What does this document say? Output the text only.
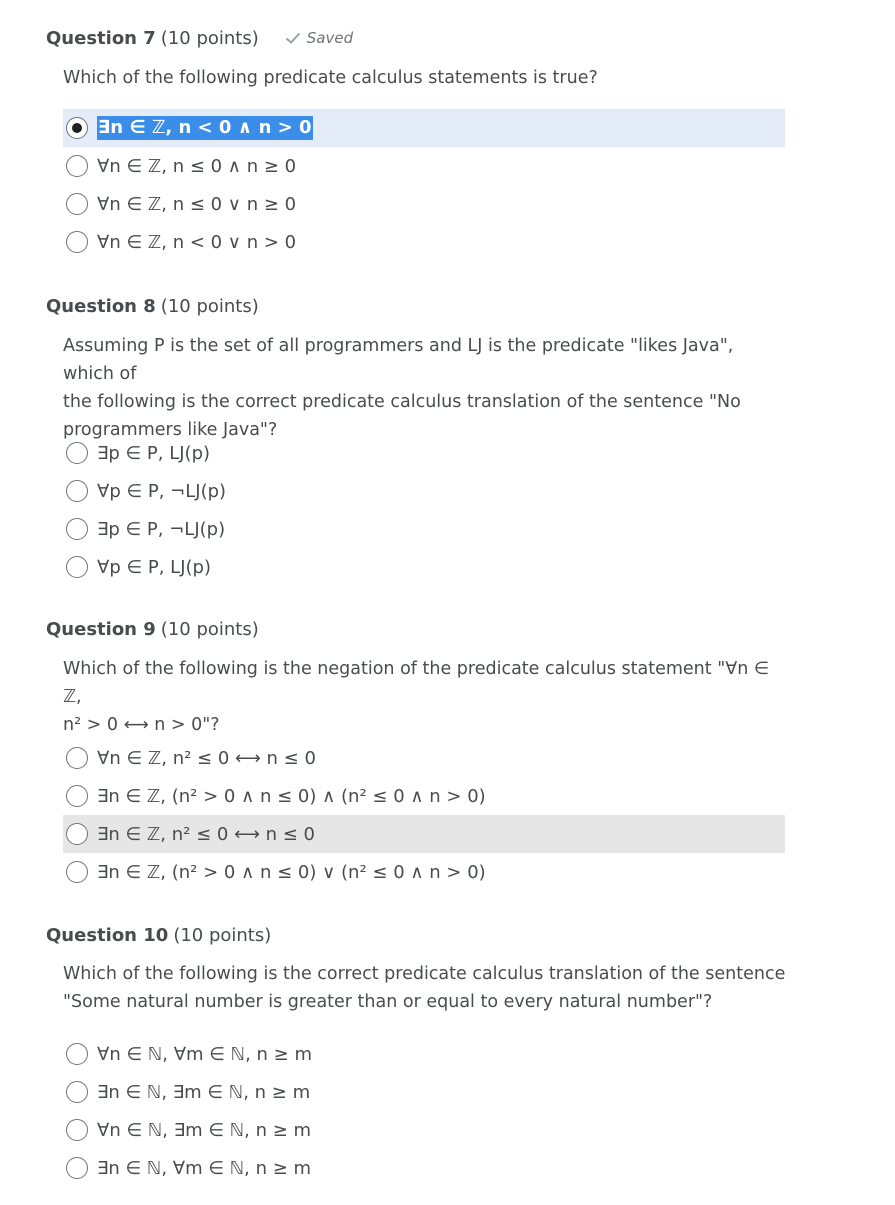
Question 7 (10 points)	Saved
Which of the following predicate calculus statements is true?
∃n ∈ ℤ, n < 0 ∧ n > 0
∀n ∈ ℤ, n ≤ 0 ∧ n ≥ 0
∀n ∈ ℤ, n ≤ 0 ∨ n ≥ 0
∀n ∈ ℤ, n < 0 ∨ n > 0
Question 8 (10 points)
Assuming P is the set of all programmers and LJ is the predicate "likes Java", which of
the following is the correct predicate calculus translation of the sentence "No
programmers like Java"?
∃p ∈ P, LJ(p)
∀p ∈ P, ¬LJ(p)
∃p ∈ P, ¬LJ(p)
∀p ∈ P, LJ(p)
Question 9 (10 points)
Which of the following is the negation of the predicate calculus statement "∀n ∈ ℤ,
n² > 0 ⟷ n > 0"?
∀n ∈ ℤ, n² ≤ 0 ⟷ n ≤ 0
∃n ∈ ℤ, (n² > 0 ∧ n ≤ 0) ∧ (n² ≤ 0 ∧ n > 0)
∃n ∈ ℤ, n² ≤ 0 ⟷ n ≤ 0
∃n ∈ ℤ, (n² > 0 ∧ n ≤ 0) ∨ (n² ≤ 0 ∧ n > 0)
Question 10 (10 points)
Which of the following is the correct predicate calculus translation of the sentence
"Some natural number is greater than or equal to every natural number"?
∀n ∈ ℕ, ∀m ∈ ℕ, n ≥ m
∃n ∈ ℕ, ∃m ∈ ℕ, n ≥ m
∀n ∈ ℕ, ∃m ∈ ℕ, n ≥ m
∃n ∈ ℕ, ∀m ∈ ℕ, n ≥ m
